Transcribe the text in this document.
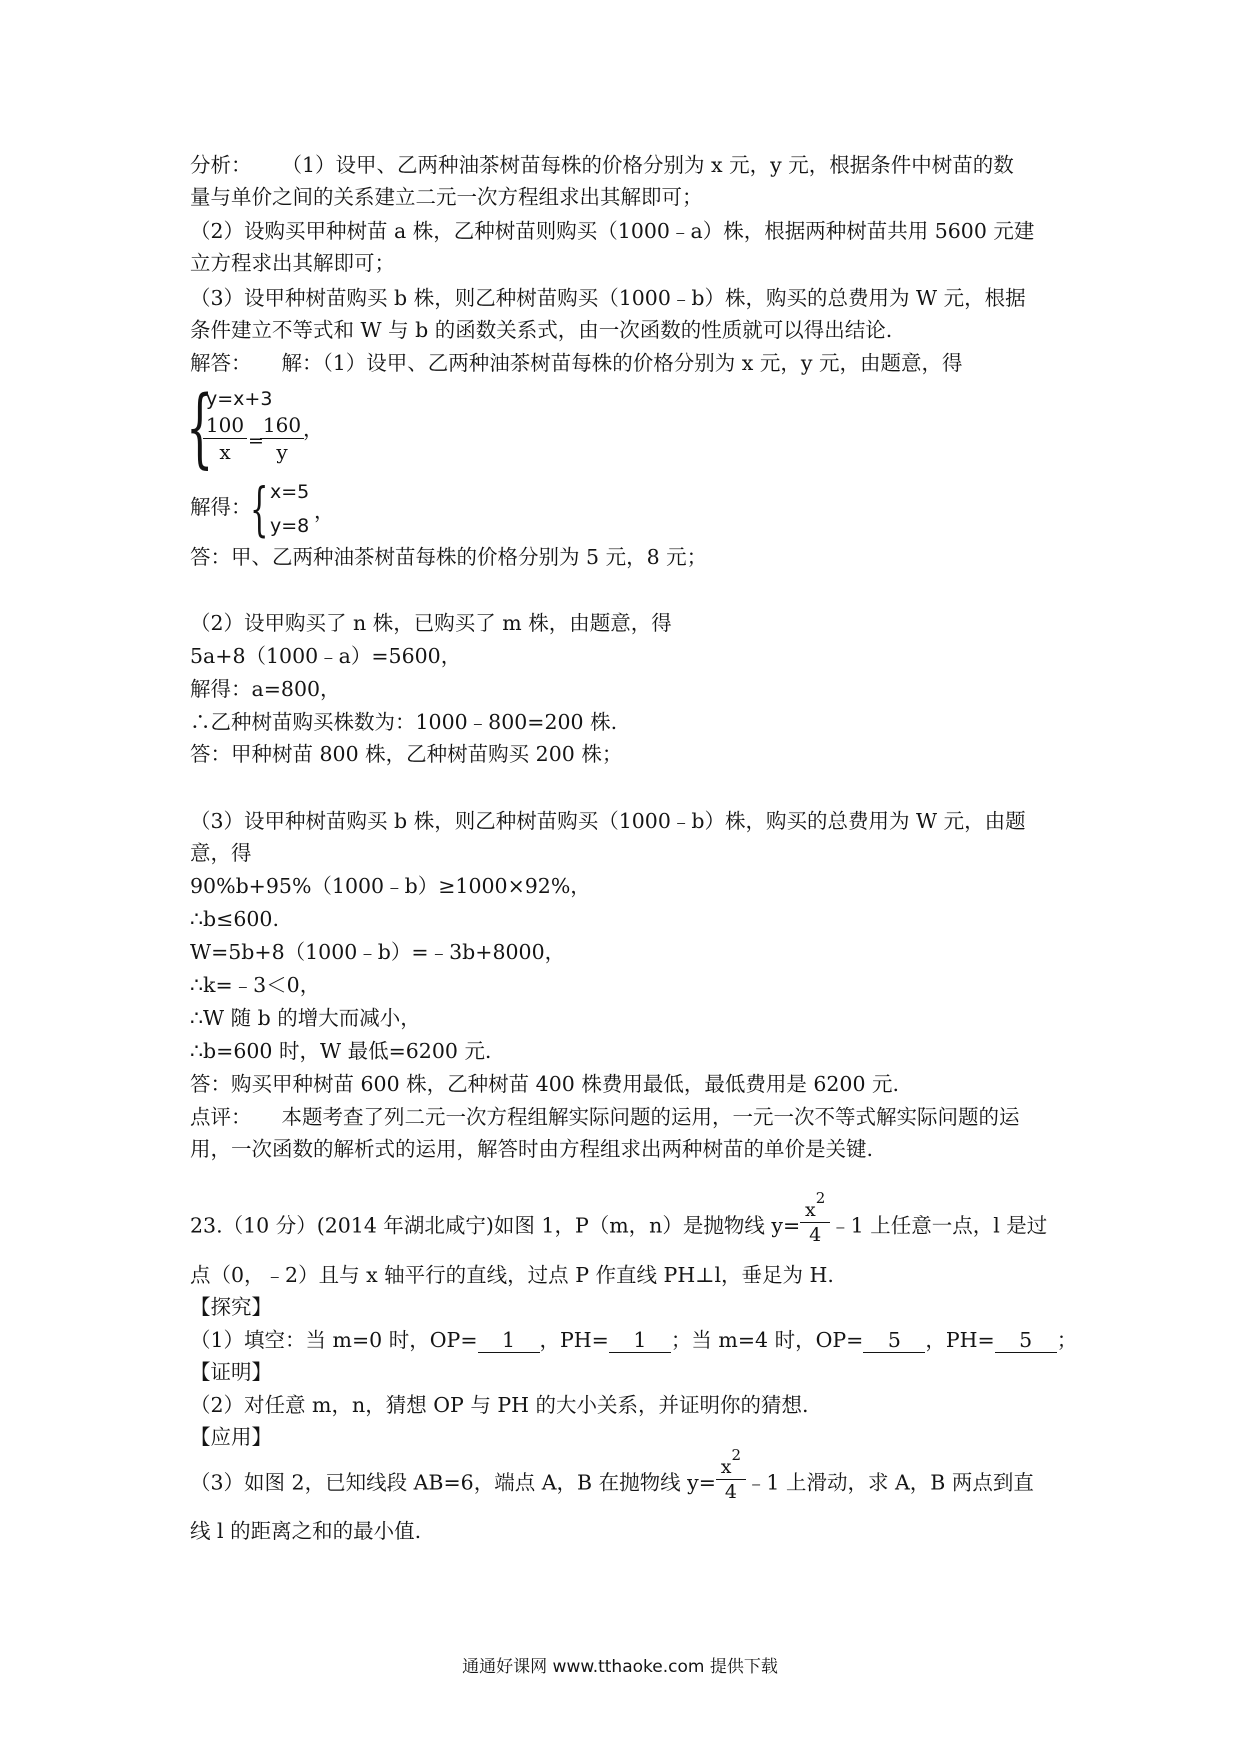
分析： （1）设甲、乙两种油茶树苗每株的价格分别为 x 元，y 元，根据条件中树苗的数
量与单价之间的关系建立二元一次方程组求出其解即可；
（2）设购买甲种树苗 a 株，乙种树苗则购买（1000﹣a）株，根据两种树苗共用 5600 元建
立方程求出其解即可；
（3）设甲种树苗购买 b 株，则乙种树苗购买（1000﹣b）株，购买的总费用为 W 元，根据
条件建立不等式和 W 与 b 的函数关系式，由一次函数的性质就可以得出结论.
解答： 解：（1）设甲、乙两种油茶树苗每株的价格分别为 x 元，y 元，由题意，得
{
y=x+3
100
x =
160
y
，
解得：
{ x=5
y=8
，
答：甲、乙两种油茶树苗每株的价格分别为 5 元，8 元；
（2）设甲购买了 n 株，已购买了 m 株，由题意，得
5a+8（1000﹣a）=5600，
解得：a=800，
∴乙种树苗购买株数为：1000﹣800=200 株.
答：甲种树苗 800 株，乙种树苗购买 200 株；
（3）设甲种树苗购买 b 株，则乙种树苗购买（1000﹣b）株，购买的总费用为 W 元，由题
意，得
90%b+95%（1000﹣b）≥1000×92%，
∴b≤600.
W=5b+8（1000﹣b）=﹣3b+8000，
∴k=﹣3＜0，
∴W 随 b 的增大而减小，
∴b=600 时，W 最低=6200 元.
答：购买甲种树苗 600 株，乙种树苗 400 株费用最低，最低费用是 6200 元.
点评： 本题考查了列二元一次方程组解实际问题的运用，一元一次不等式解实际问题的运
用，一次函数的解析式的运用，解答时由方程组求出两种树苗的单价是关键.
23.（10 分）(2014 年湖北咸宁)如图 1，P（m，n）是抛物线 $y= \frac{x^2}{4}$ ﹣1 上任意一点，l 是过
点（0，﹣2）且与 x 轴平行的直线，过点 P 作直线 PH⊥l，垂足为 H.
【探究】
（1）填空：当 m=0 时，OP= 1 ，PH= 1 ；当 m=4 时，OP= 5 ，PH= 5 ；
【证明】
（2）对任意 m，n，猜想 OP 与 PH 的大小关系，并证明你的猜想.
【应用】
（3）如图 2，已知线段 AB=6，端点 A，B 在抛物线 $y= \frac{x^2}{4}$ ﹣1 上滑动，求 A，B 两点到直
线 l 的距离之和的最小值.
通通好课网 www.tthaoke.com 提供下载
